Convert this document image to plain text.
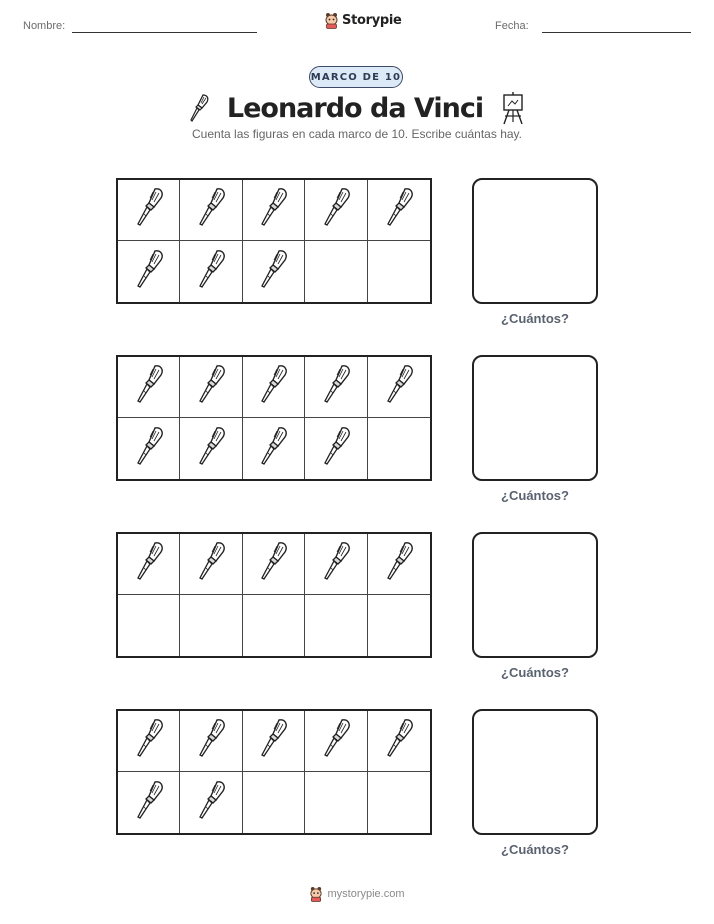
Nombre:	Storypie	Fecha:
MARCO DE 10
Leonardo da Vinci
Cuenta las figuras en cada marco de 10. Escribe cuántas hay.
¿Cuántos?
¿Cuántos?
¿Cuántos?
¿Cuántos?
mystorypie.com
